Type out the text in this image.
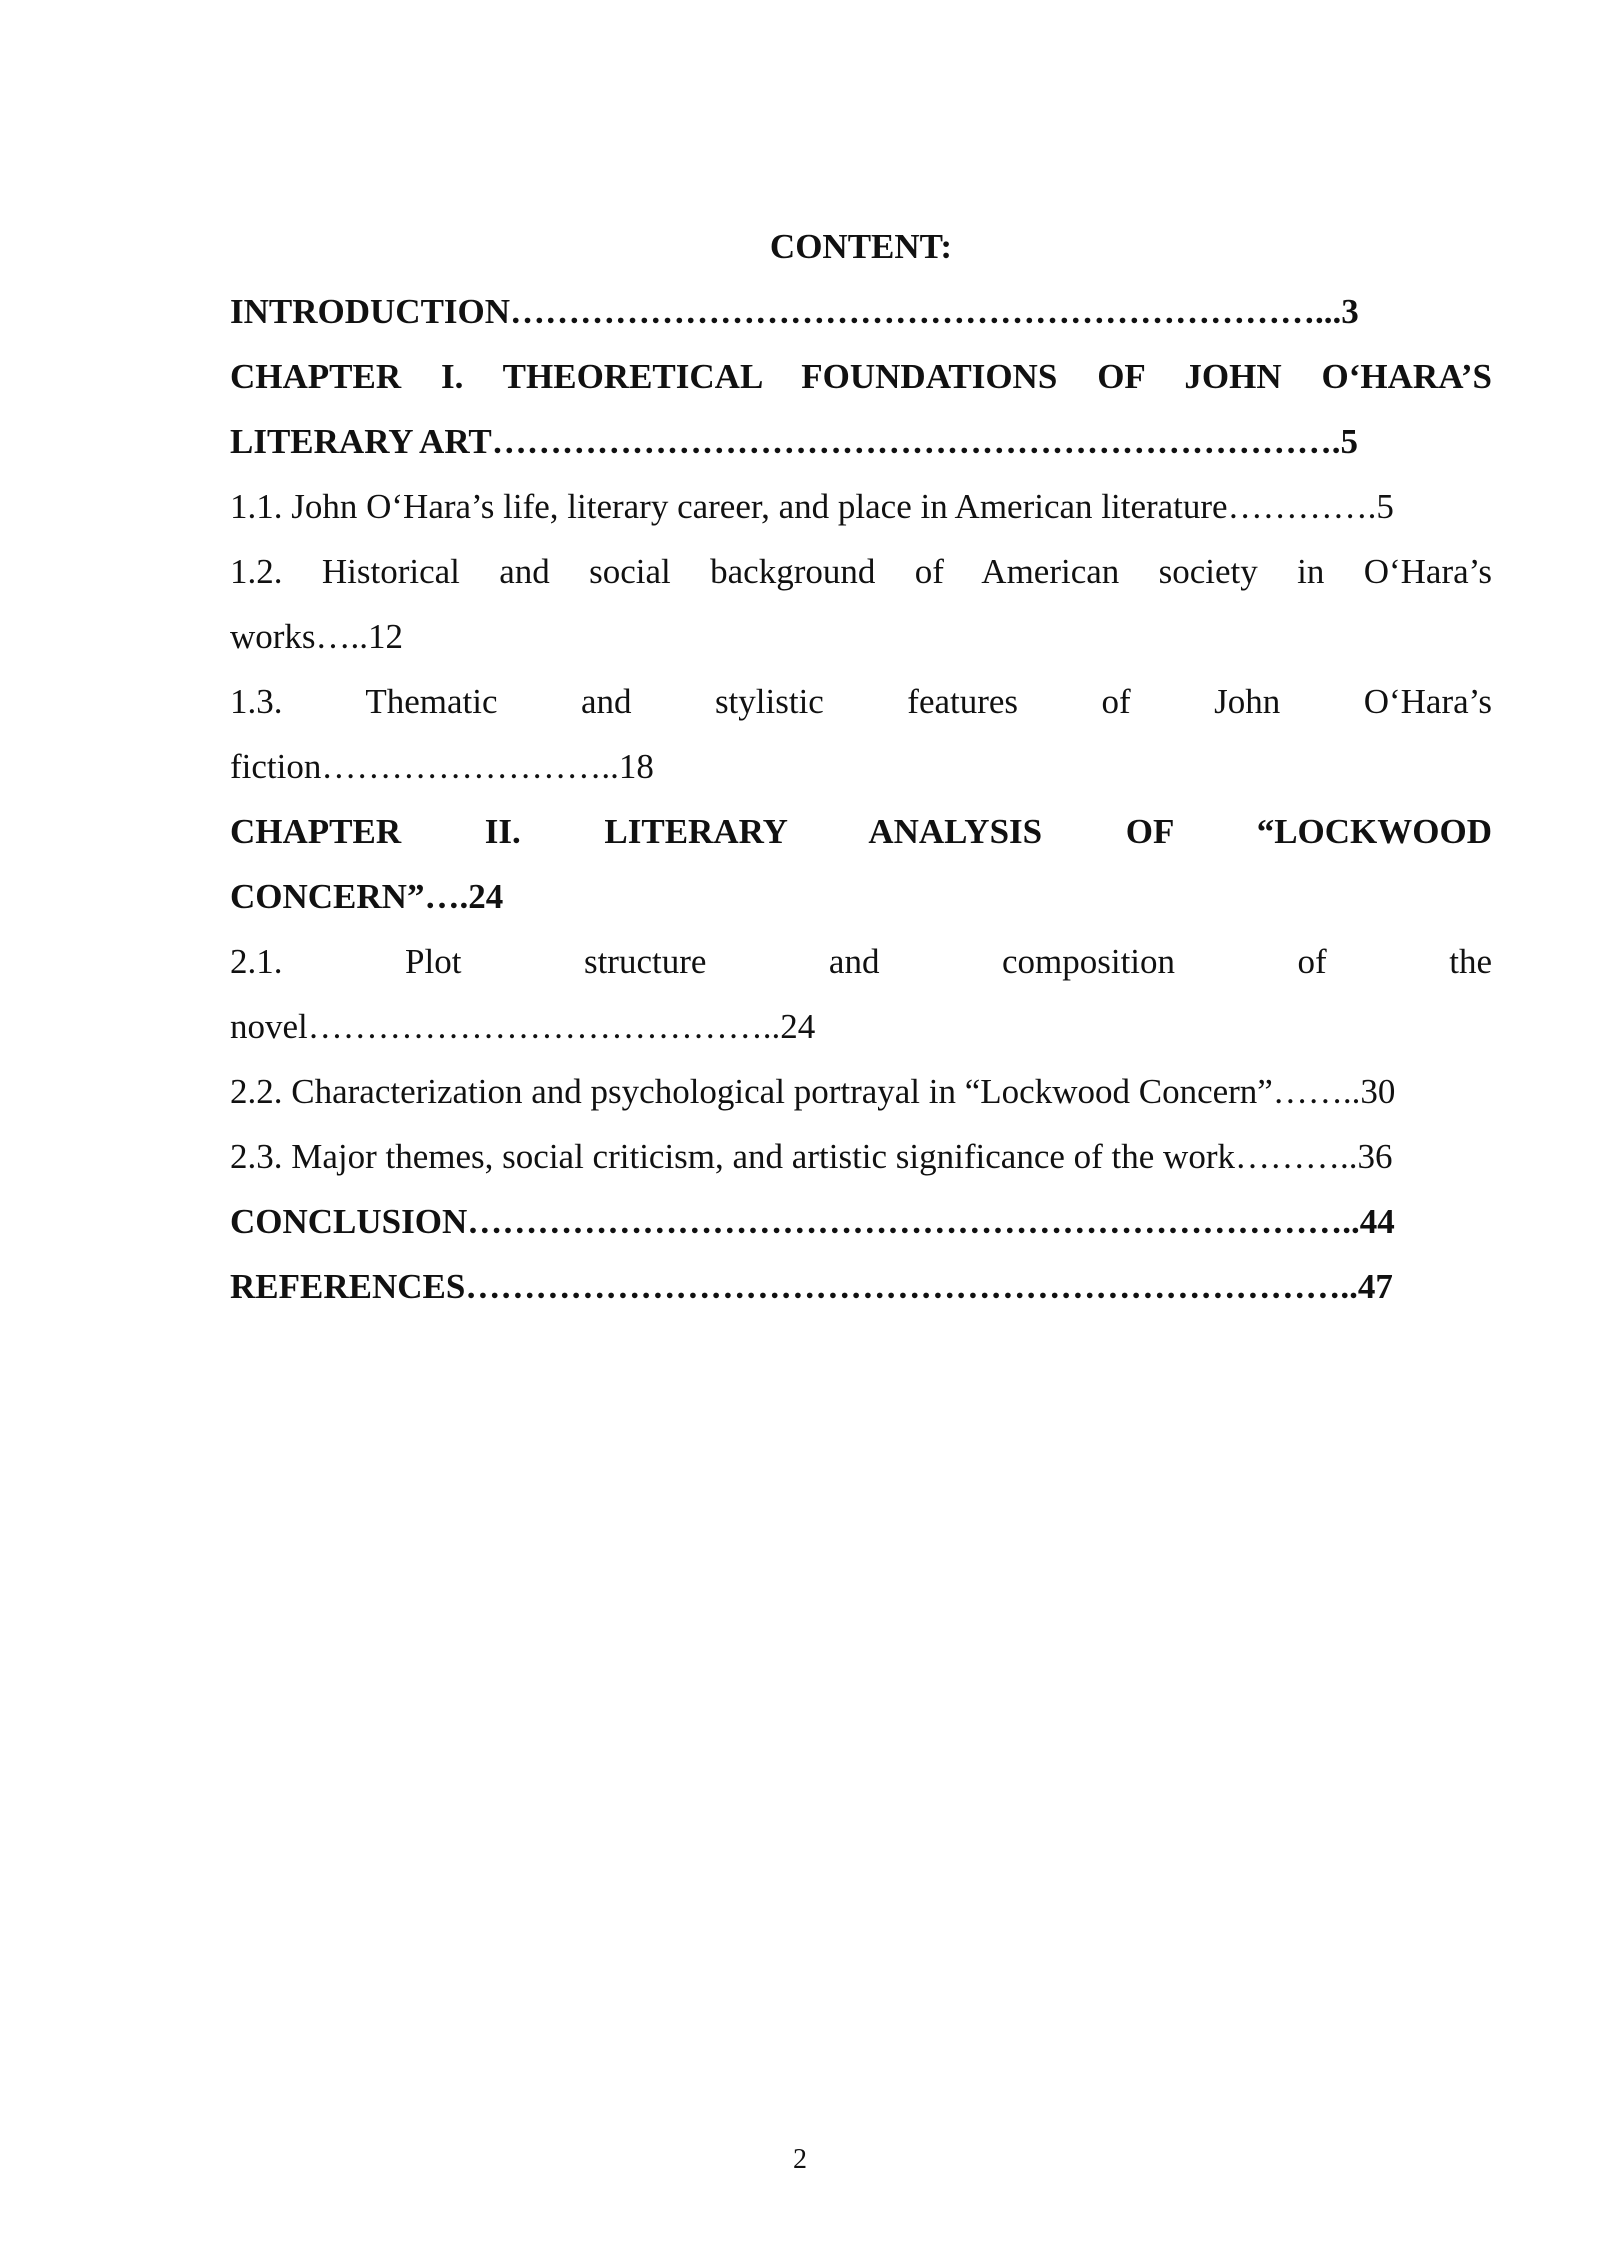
CONTENT:
INTRODUCTION……………………………………………………………...3
CHAPTER I. THEORETICAL FOUNDATIONS OF JOHN O‘HARA’S
LITERARY ART……………………………………………………………….5
1.1. John O‘Hara’s life, literary career, and place in American literature………….5
1.2. Historical and social background of American society in O‘Hara’s
works…..12
1.3. Thematic and stylistic features of John O‘Hara’s
fiction……………………..18
CHAPTER II. LITERARY ANALYSIS OF “LOCKWOOD
CONCERN”….24
2.1. Plot structure and composition of the
novel…………………………………..24
2.2. Characterization and psychological portrayal in “Lockwood Concern”……..30
2.3. Major themes, social criticism, and artistic significance of the work………..36
CONCLUSION…………………………………………………………………..44
REFERENCES…………………………………………………………………..47
2
